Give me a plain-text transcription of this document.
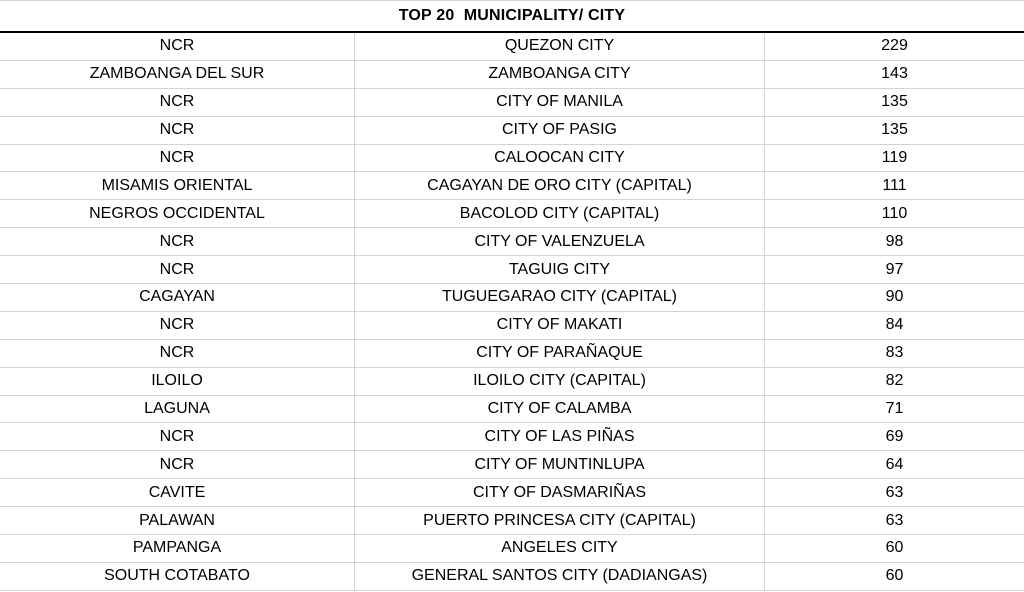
TOP 20  MUNICIPALITY/ CITY
NCR	QUEZON CITY	229
ZAMBOANGA DEL SUR	ZAMBOANGA CITY	143
NCR	CITY OF MANILA	135
NCR	CITY OF PASIG	135
NCR	CALOOCAN CITY	119
MISAMIS ORIENTAL	CAGAYAN DE ORO CITY (CAPITAL)	111
NEGROS OCCIDENTAL	BACOLOD CITY (CAPITAL)	110
NCR	CITY OF VALENZUELA	98
NCR	TAGUIG CITY	97
CAGAYAN	TUGUEGARAO CITY (CAPITAL)	90
NCR	CITY OF MAKATI	84
NCR	CITY OF PARAÑAQUE	83
ILOILO	ILOILO CITY (CAPITAL)	82
LAGUNA	CITY OF CALAMBA	71
NCR	CITY OF LAS PIÑAS	69
NCR	CITY OF MUNTINLUPA	64
CAVITE	CITY OF DASMARIÑAS	63
PALAWAN	PUERTO PRINCESA CITY (CAPITAL)	63
PAMPANGA	ANGELES CITY	60
SOUTH COTABATO	GENERAL SANTOS CITY (DADIANGAS)	60
